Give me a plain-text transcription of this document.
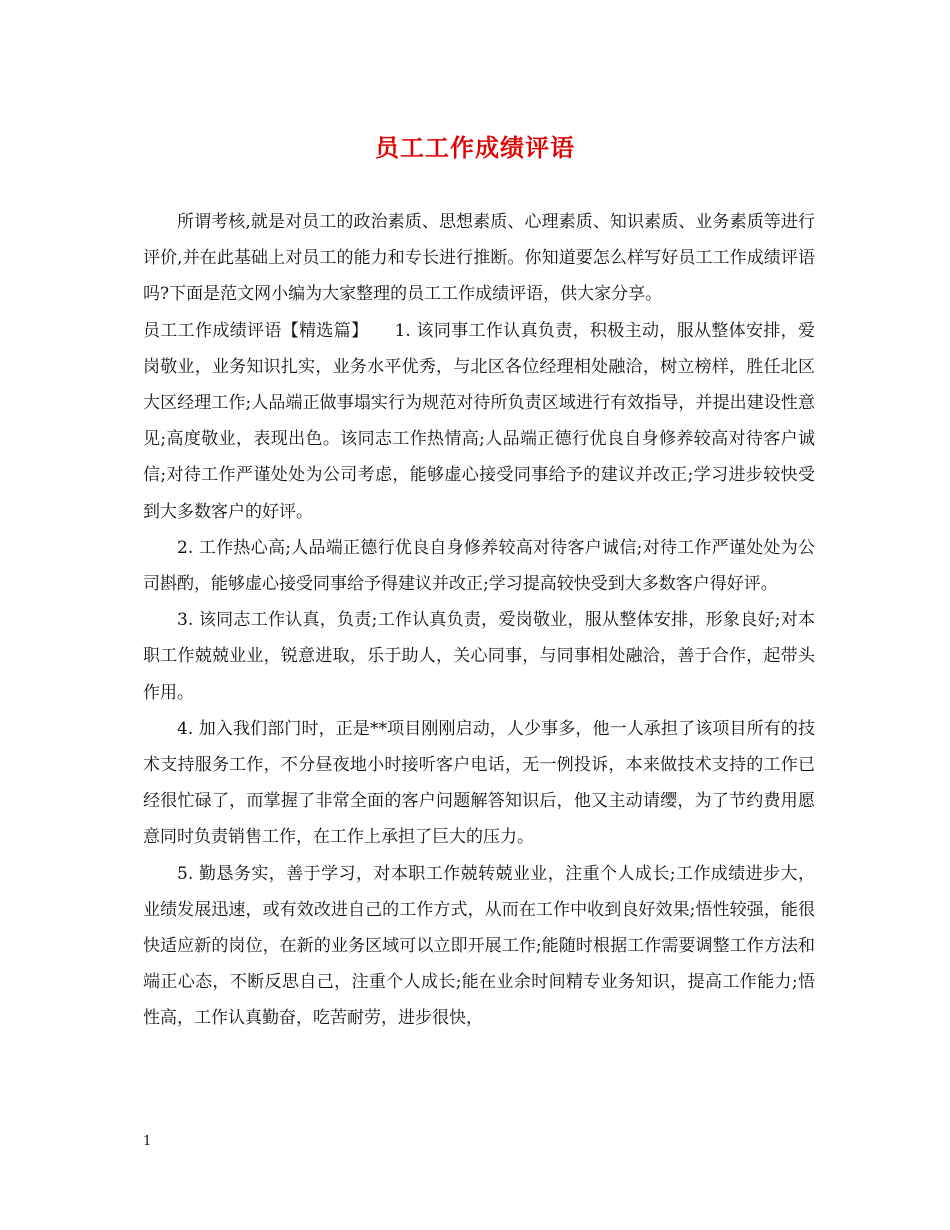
员工工作成绩评语

所谓考核,就是对员工的政治素质、思想素质、心理素质、知识素质、业务素质等进行评价,并在此基础上对员工的能力和专长进行推断。你知道要怎么样写好员工工作成绩评语吗?下面是范文网小编为大家整理的员工工作成绩评语，供大家分享。

员工工作成绩评语【精选篇】　　1. 该同事工作认真负责，积极主动，服从整体安排，爱岗敬业，业务知识扎实，业务水平优秀，与北区各位经理相处融洽，树立榜样，胜任北区大区经理工作;人品端正做事塌实行为规范对待所负责区域进行有效指导，并提出建设性意见;高度敬业，表现出色。该同志工作热情高;人品端正德行优良自身修养较高对待客户诚信;对待工作严谨处处为公司考虑，能够虚心接受同事给予的建议并改正;学习进步较快受到大多数客户的好评。

2. 工作热心高;人品端正德行优良自身修养较高对待客户诚信;对待工作严谨处处为公司斟酌，能够虚心接受同事给予得建议并改正;学习提高较快受到大多数客户得好评。

3. 该同志工作认真，负责;工作认真负责，爱岗敬业，服从整体安排，形象良好;对本职工作兢兢业业，锐意进取，乐于助人，关心同事，与同事相处融洽，善于合作，起带头作用。

4. 加入我们部门时，正是**项目刚刚启动，人少事多，他一人承担了该项目所有的技术支持服务工作，不分昼夜地小时接听客户电话，无一例投诉，本来做技术支持的工作已经很忙碌了，而掌握了非常全面的客户问题解答知识后，他又主动请缨，为了节约费用愿意同时负责销售工作，在工作上承担了巨大的压力。

5. 勤恳务实，善于学习，对本职工作兢转兢业业，注重个人成长;工作成绩进步大，业绩发展迅速，或有效改进自己的工作方式，从而在工作中收到良好效果;悟性较强，能很快适应新的岗位，在新的业务区域可以立即开展工作;能随时根据工作需要调整工作方法和端正心态，不断反思自己，注重个人成长;能在业余时间精专业务知识，提高工作能力;悟性高，工作认真勤奋，吃苦耐劳，进步很快，

1
